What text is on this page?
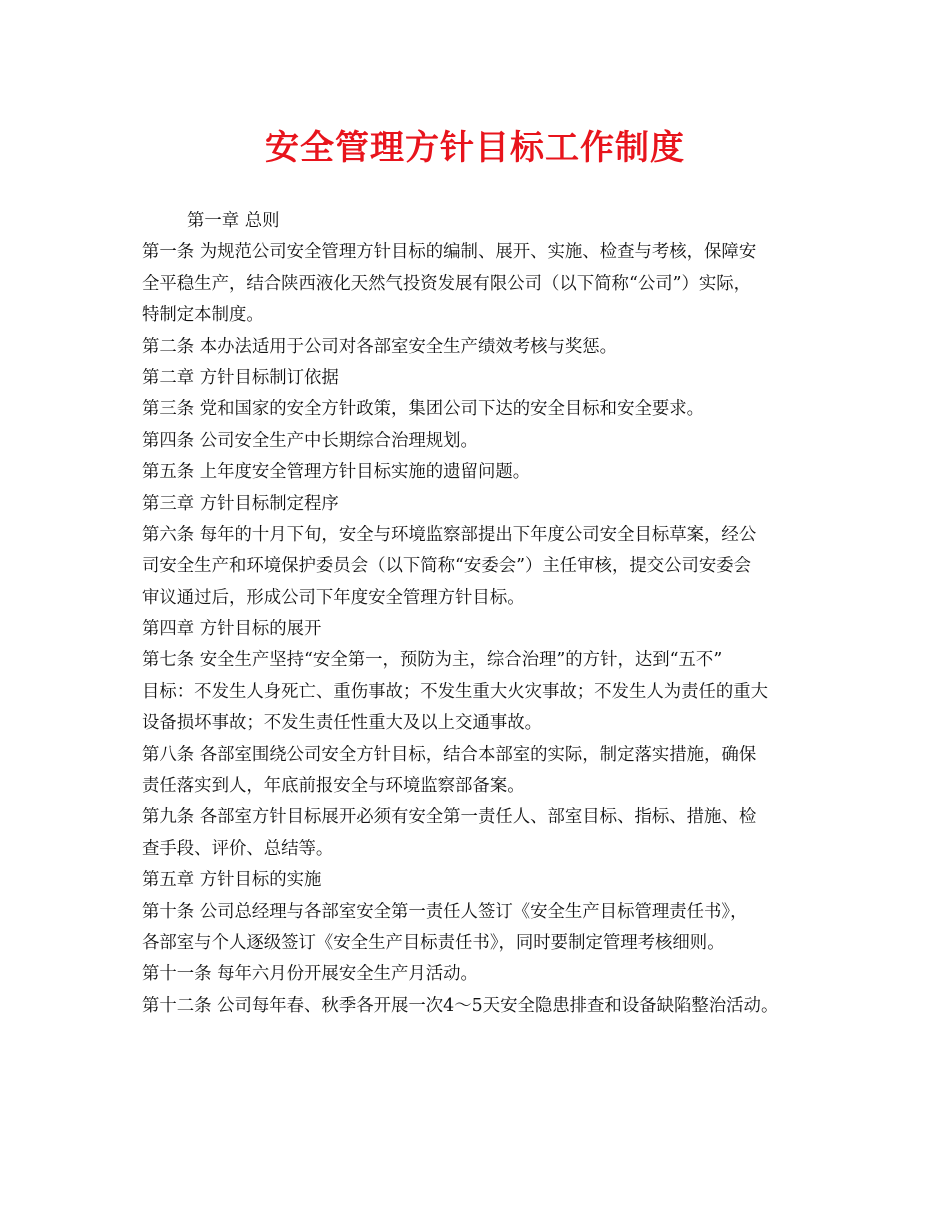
安全管理方针目标工作制度
第一章 总则
第一条 为规范公司安全管理方针目标的编制、展开、实施、检查与考核，保障安
全平稳生产，结合陕西液化天然气投资发展有限公司（以下简称“公司”）实际，
特制定本制度。
第二条 本办法适用于公司对各部室安全生产绩效考核与奖惩。
第二章 方针目标制订依据
第三条 党和国家的安全方针政策，集团公司下达的安全目标和安全要求。
第四条 公司安全生产中长期综合治理规划。
第五条 上年度安全管理方针目标实施的遗留问题。
第三章 方针目标制定程序
第六条 每年的十月下旬，安全与环境监察部提出下年度公司安全目标草案，经公
司安全生产和环境保护委员会（以下简称“安委会”）主任审核，提交公司安委会
审议通过后，形成公司下年度安全管理方针目标。
第四章 方针目标的展开
第七条 安全生产坚持“安全第一，预防为主，综合治理”的方针，达到“五不”
目标：不发生人身死亡、重伤事故；不发生重大火灾事故；不发生人为责任的重大
设备损坏事故；不发生责任性重大及以上交通事故。
第八条 各部室围绕公司安全方针目标，结合本部室的实际，制定落实措施，确保
责任落实到人，年底前报安全与环境监察部备案。
第九条 各部室方针目标展开必须有安全第一责任人、部室目标、指标、措施、检
查手段、评价、总结等。
第五章 方针目标的实施
第十条 公司总经理与各部室安全第一责任人签订《安全生产目标管理责任书》，
各部室与个人逐级签订《安全生产目标责任书》，同时要制定管理考核细则。
第十一条 每年六月份开展安全生产月活动。
第十二条 公司每年春、秋季各开展一次4～5天安全隐患排查和设备缺陷整治活动。
